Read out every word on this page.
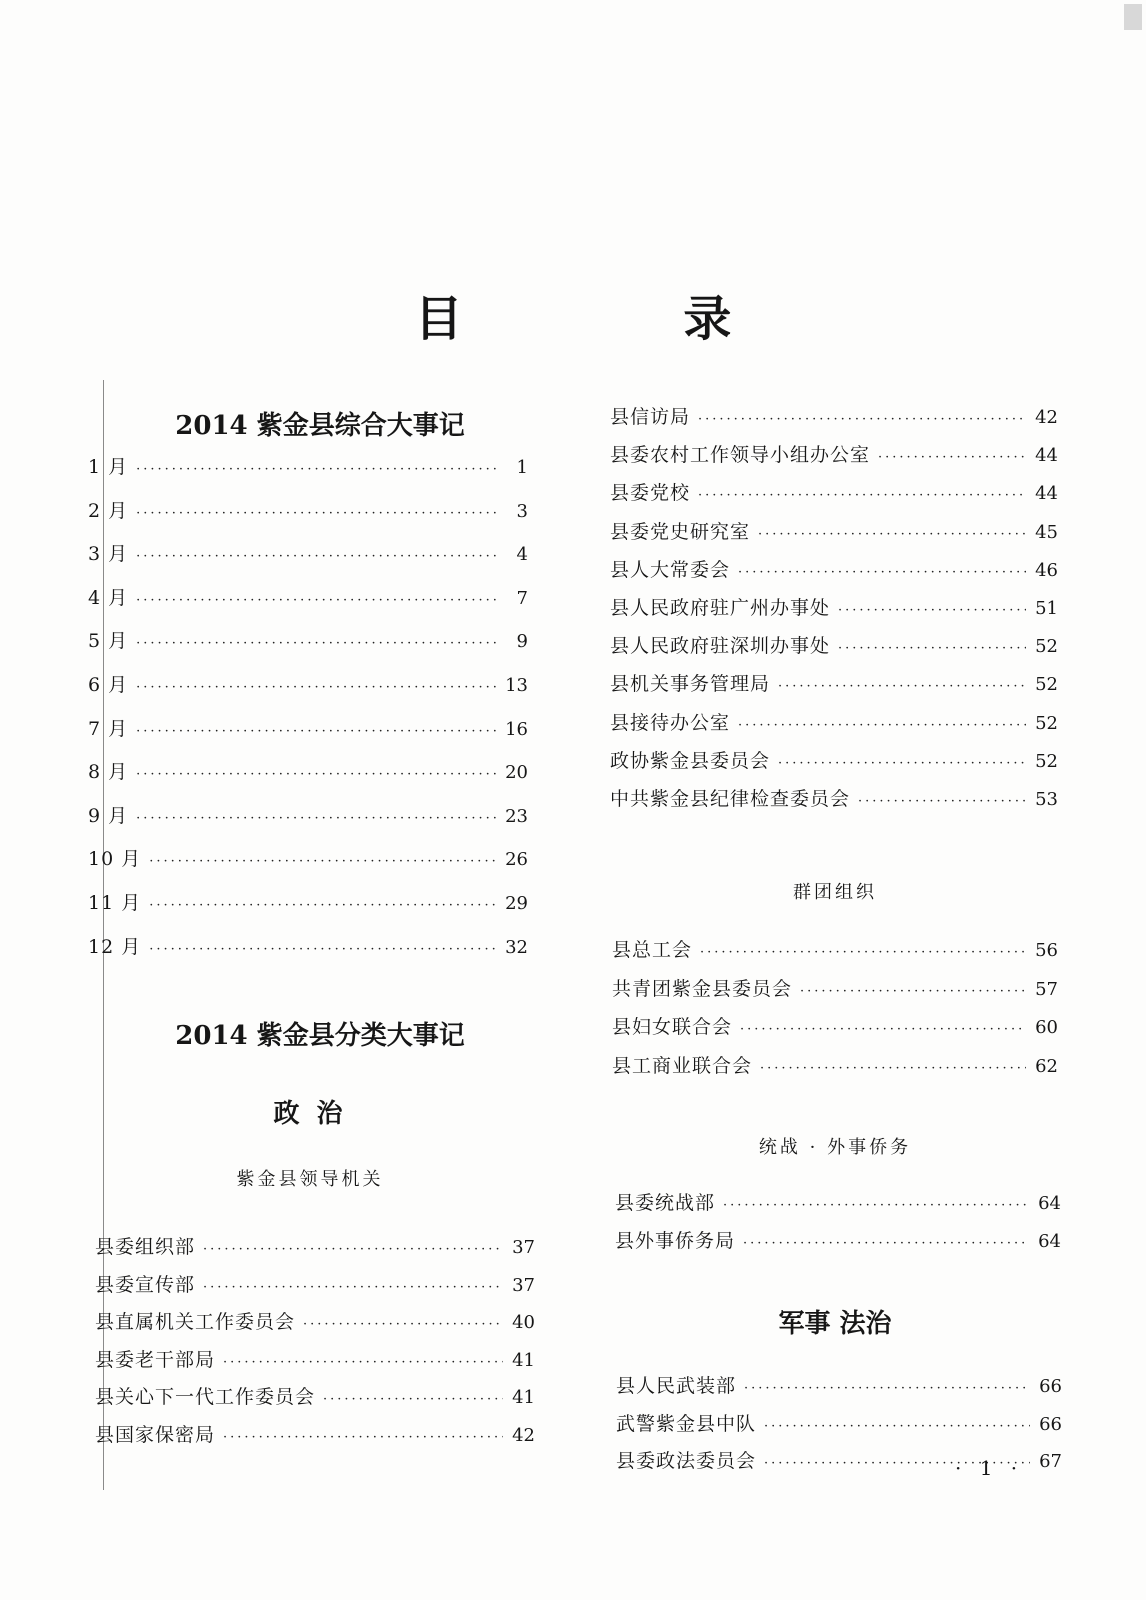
目 录
2014 紫金县综合大事记
1 月 ·····	1
2 月 ·····	3
3 月 ·····	4
4 月 ·····	7
5 月 ·····	9
6 月 ·····	13
7 月 ·····	16
8 月 ·····	20
9 月 ·····	23
10 月 ·····	26
11 月 ·····	29
12 月 ·····	32
2014 紫金县分类大事记
政 治
紫金县领导机关
县委组织部 ·····	37
县委宣传部 ·····	37
县直属机关工作委员会 ·····	40
县委老干部局 ·····	41
县关心下一代工作委员会 ·····	41
县国家保密局 ·····	42
县信访局 ·····	42
县委农村工作领导小组办公室 ·····	44
县委党校 ·····	44
县委党史研究室 ·····	45
县人大常委会 ·····	46
县人民政府驻广州办事处 ·····	51
县人民政府驻深圳办事处 ·····	52
县机关事务管理局 ·····	52
县接待办公室 ·····	52
政协紫金县委员会 ·····	52
中共紫金县纪律检查委员会 ·····	53
群团组织
县总工会 ·····	56
共青团紫金县委员会 ·····	57
县妇女联合会 ·····	60
县工商业联合会 ·····	62
统战 · 外事侨务
县委统战部 ·····	64
县外事侨务局 ·····	64
军事 法治
县人民武装部 ·····	66
武警紫金县中队 ·····	66
县委政法委员会 ·····	67
· 1 ·
